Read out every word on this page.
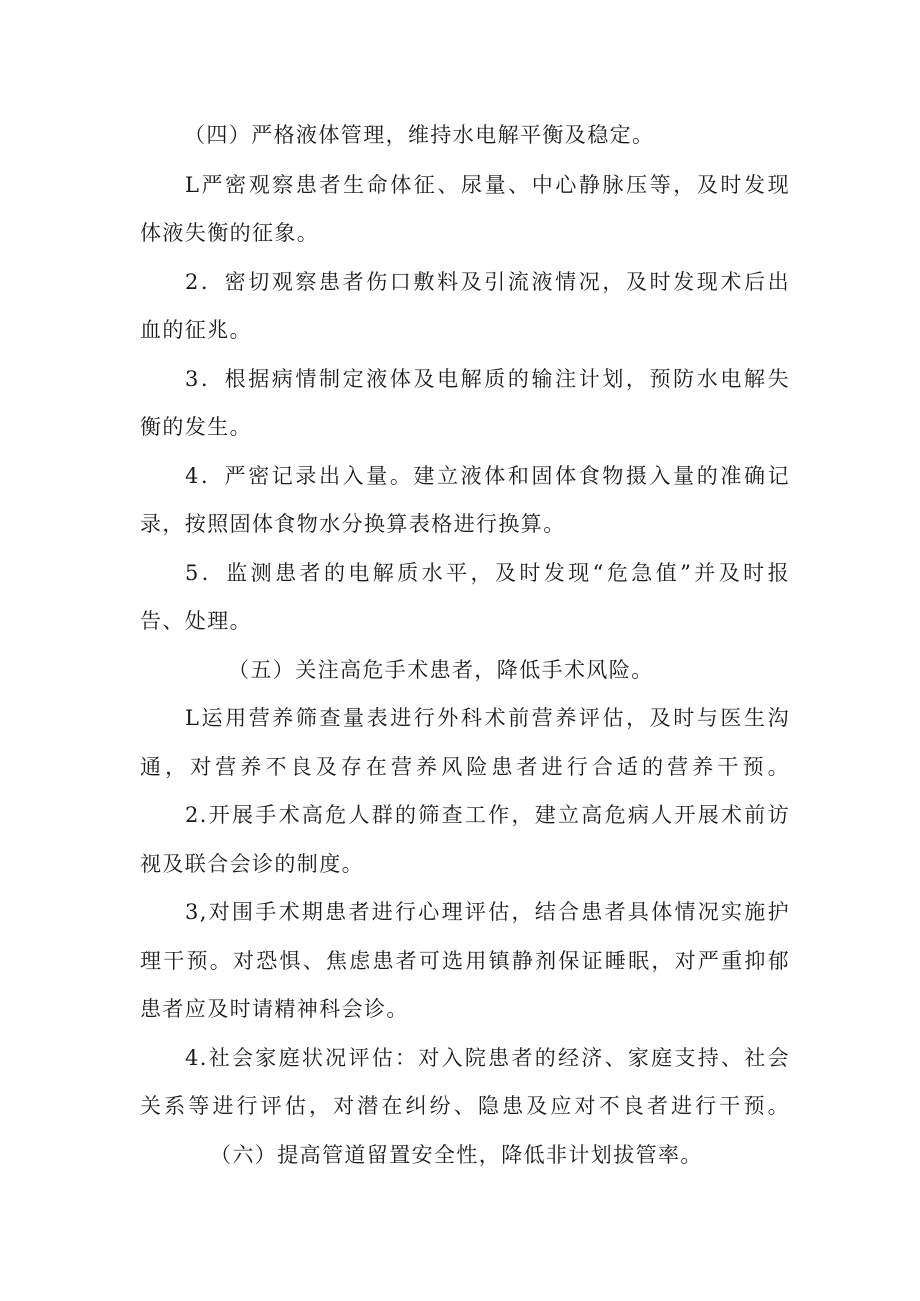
（四）严格液体管理，维持水电解平衡及稳定。
L严密观察患者生命体征、尿量、中心静脉压等，及时发现
体液失衡的征象。
2．密切观察患者伤口敷料及引流液情况，及时发现术后出
血的征兆。
3．根据病情制定液体及电解质的输注计划，预防水电解失
衡的发生。
4．严密记录出入量。建立液体和固体食物摄入量的准确记
录，按照固体食物水分换算表格进行换算。
5．监测患者的电解质水平，及时发现“危急值”并及时报
告、处理。
（五）关注高危手术患者，降低手术风险。
L运用营养筛查量表进行外科术前营养评估，及时与医生沟
通，对营养不良及存在营养风险患者进行合适的营养干预。
2.开展手术高危人群的筛查工作，建立高危病人开展术前访
视及联合会诊的制度。
3,对围手术期患者进行心理评估，结合患者具体情况实施护
理干预。对恐惧、焦虑患者可选用镇静剂保证睡眠，对严重抑郁
患者应及时请精神科会诊。
4.社会家庭状况评估：对入院患者的经济、家庭支持、社会
关系等进行评估，对潜在纠纷、隐患及应对不良者进行干预。
（六）提高管道留置安全性，降低非计划拔管率。
